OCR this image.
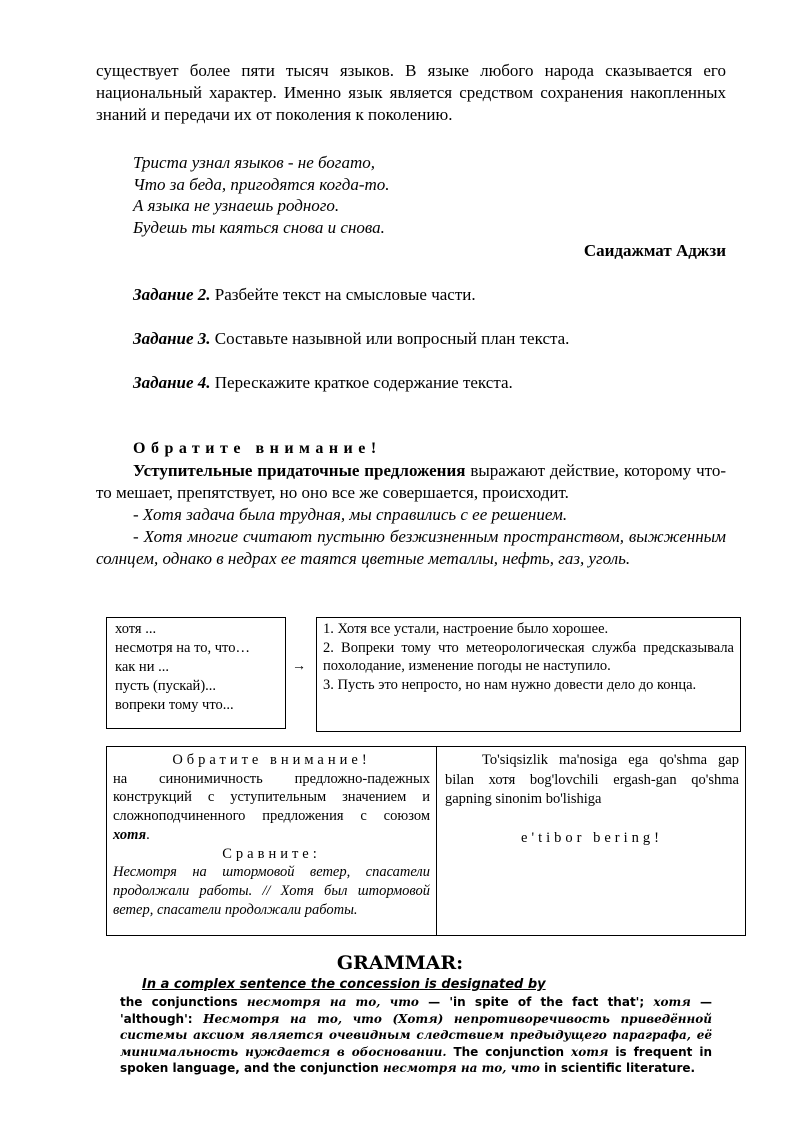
существует более пяти тысяч языков. В языке любого народа сказывается его национальный характер. Именно язык является средством сохранения накопленных знаний и передачи их от поколения к поколению.

Триста узнал языков - не богато,
Что за беда, пригодятся когда-то.
А языка не узнаешь родного.
Будешь ты каяться снова и снова.
Саидажмат Аджзи
Задание 2. Разбейте текст на смысловые части.
Задание 3. Составьте назывной или вопросный план текста.
Задание 4. Перескажите краткое содержание текста.
Обратите внимание!

Уступительные придаточные предложения выражают действие, которому что-то мешает, препятствует, но оно все же совершается, происходит.

- Хотя задача была трудная, мы справились с ее решением.

- Хотя многие считают пустыню безжизненным пространством, выжженным солнцем, однако в недрах ее таятся цветные металлы, нефть, газ, уголь.

хотя ...
несмотря на то, что…
как ни ...
пусть (пускай)...
вопреки тому что...
→
1. Хотя все устали, настроение было хорошее.
2. Вопреки тому что метеорологическая служба предсказывала похолодание, изменение погоды не наступило.
3. Пусть это непросто, но нам нужно довести дело до конца.
Обратите внимание!
на синонимичность предложно-падежных конструкций с уступительным значением и сложноподчиненного предложения с союзом хотя.
Сравните:
Несмотря на штормовой ветер, спасатели продолжали работы. // Хотя был штормовой ветер, спасатели продолжали работы.
To'siqsizlik ma'nosiga ega qo'shma gap bilan хотя bog'lovchili ergash-gan qo'shma gapning sinonim bo'lishiga
e'tibor bering!
GRAMMAR:
In a complex sentence the concession is designated by
the conjunctions несмотря на то, что — 'in spite of the fact that'; хотя — 'although': Несмотря на то, что (Хотя) непротиворечивость приведённой системы аксиом является очевидным следствием предыдущего параграфа, её минимальность нуждается в обосновании. The conjunction хотя is frequent in spoken language, and the conjunction несмотря на то, что in scientific literature.
